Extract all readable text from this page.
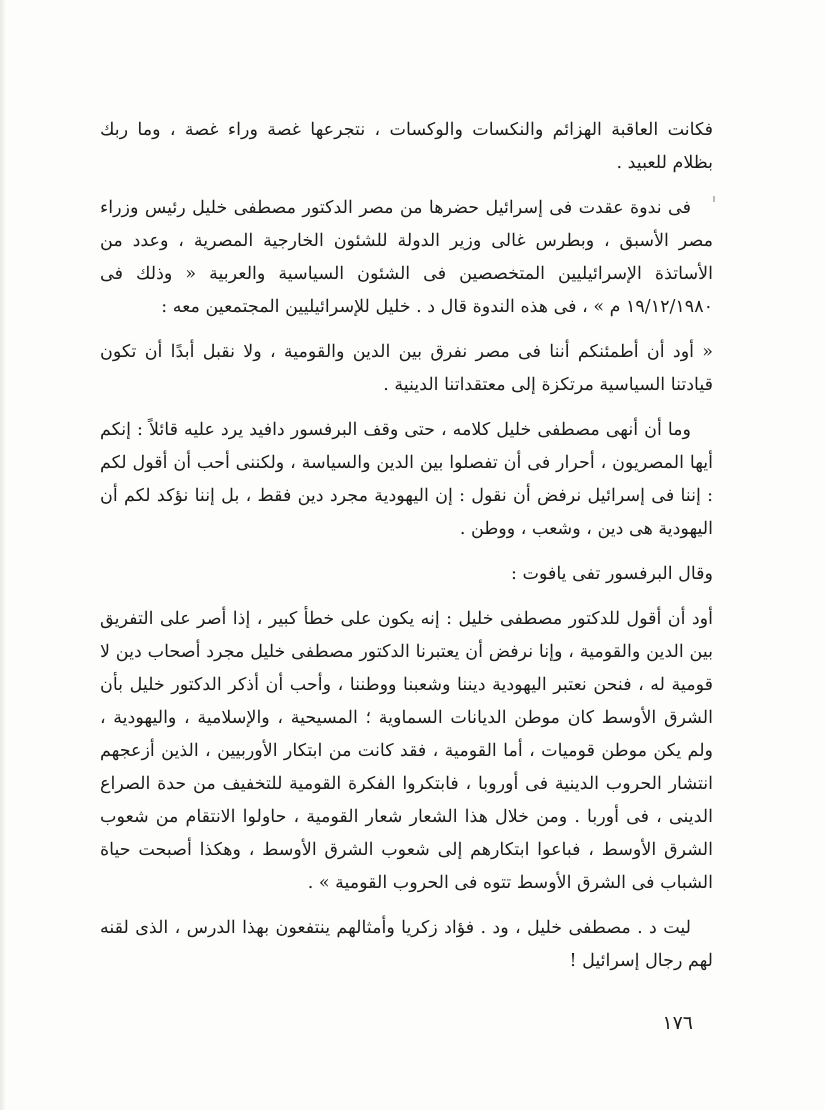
فكانت العاقبة الهزائم والنكسات والوكسات ، نتجرعها غصة وراء غصة ، وما ربك بظلام للعبيد .

فى ندوة عقدت فى إسرائيل حضرها من مصر الدكتور مصطفى خليل رئيس وزراء مصر الأسبق ، وبطرس غالى وزير الدولة للشئون الخارجية المصرية ، وعدد من الأساتذة الإسرائيليين المتخصصين فى الشئون السياسية والعربية « وذلك فى ١٩/١٢/١٩٨٠ م » ، فى هذه الندوة قال د . خليل للإسرائيليين المجتمعين معه :

« أود أن أطمئنكم أننا فى مصر نفرق بين الدين والقومية ، ولا نقبل أبدًا أن تكون قيادتنا السياسية مرتكزة إلى معتقداتنا الدينية .

وما أن أنهى مصطفى خليل كلامه ، حتى وقف البرفسور دافيد يرد عليه قائلاً : إنكم أيها المصريون ، أحرار فى أن تفصلوا بين الدين والسياسة ، ولكننى أحب أن أقول لكم : إننا فى إسرائيل نرفض أن نقول : إن اليهودية مجرد دين فقط ، بل إننا نؤكد لكم أن اليهودية هى دين ، وشعب ، ووطن .

وقال البرفسور تفى يافوت :

أود أن أقول للدكتور مصطفى خليل : إنه يكون على خطأ كبير ، إذا أصر على التفريق بين الدين والقومية ، وإنا نرفض أن يعتبرنا الدكتور مصطفى خليل مجرد أصحاب دين لا قومية له ، فنحن نعتبر اليهودية ديننا وشعبنا ووطننا ، وأحب أن أذكر الدكتور خليل بأن الشرق الأوسط كان موطن الديانات السماوية ؛ المسيحية ، والإسلامية ، واليهودية ، ولم يكن موطن قوميات ، أما القومية ، فقد كانت من ابتكار الأوربيين ، الذين أزعجهم انتشار الحروب الدينية فى أوروبا ، فابتكروا الفكرة القومية للتخفيف من حدة الصراع الدينى ، فى أوربا . ومن خلال هذا الشعار شعار القومية ، حاولوا الانتقام من شعوب الشرق الأوسط ، فباعوا ابتكارهم إلى شعوب الشرق الأوسط ، وهكذا أصبحت حياة الشباب فى الشرق الأوسط تتوه فى الحروب القومية » .

ليت د . مصطفى خليل ، ود . فؤاد زكريا وأمثالهم ينتفعون بهذا الدرس ، الذى لقنه لهم رجال إسرائيل !

١٧٦
